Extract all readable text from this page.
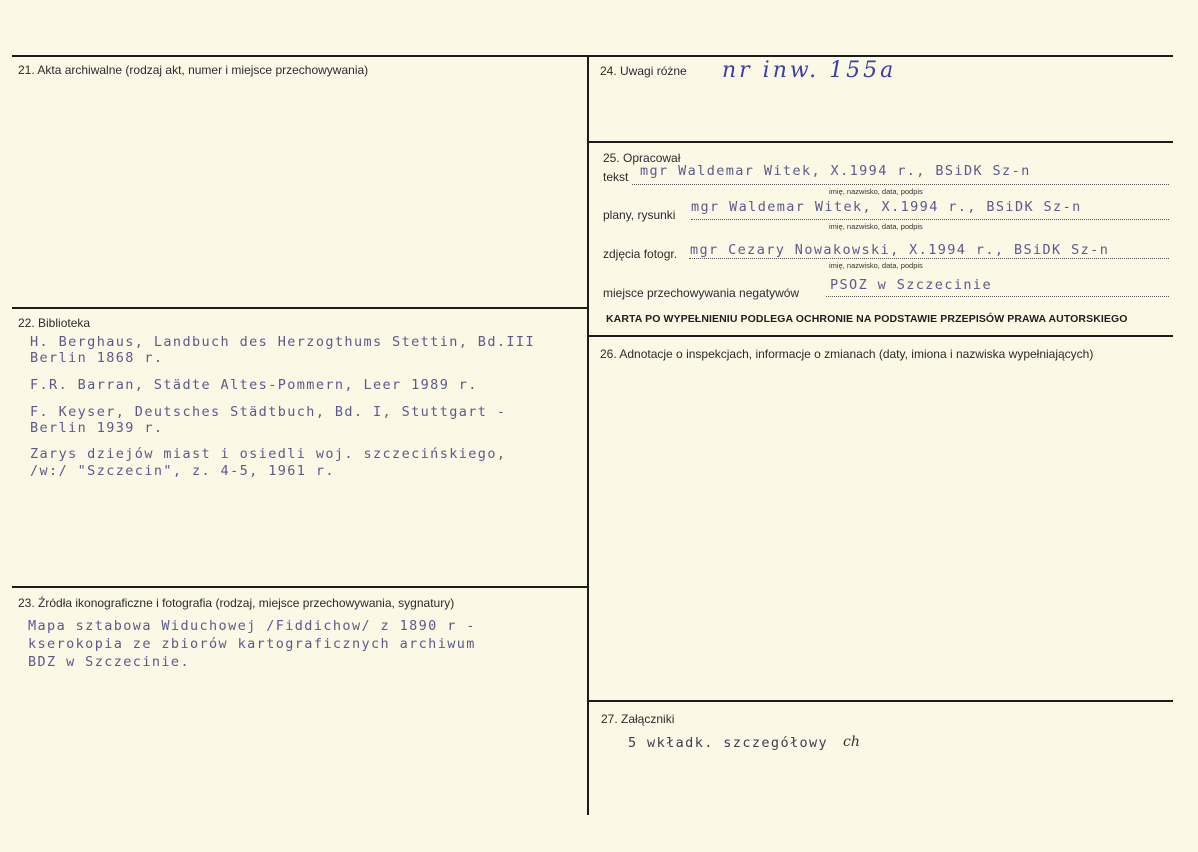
21. Akta archiwalne (rodzaj akt, numer i miejsce przechowywania)
22. Biblioteka
H. Berghaus, Landbuch des Herzogthums Stettin, Bd.III
Berlin 1868 r.
F.R. Barran, Städte Altes-Pommern, Leer 1989 r.
F. Keyser, Deutsches Städtbuch, Bd. I, Stuttgart -
Berlin 1939 r.
Zarys dziejów miast i osiedli woj. szczecińskiego,
/w:/ "Szczecin", z. 4-5, 1961 r.
23. Źródła ikonograficzne i fotografia (rodzaj, miejsce przechowywania, sygnatury)
Mapa sztabowa Widuchowej /Fiddichow/ z 1890 r -
kserokopia ze zbiorów kartograficznych archiwum
BDZ w Szczecinie.
24. Uwagi różne nr inw. 155a
25. Opracował
tekst mgr Waldemar Witek, X.1994 r., BSiDK Sz-n
imię, nazwisko, data, podpis
plany, rysunki mgr Waldemar Witek, X.1994 r., BSiDK Sz-n
imię, nazwisko, data, podpis
zdjęcia fotogr. mgr Cezary Nowakowski, X.1994 r., BSiDK Sz-n
imię, nazwisko, data, podpis
miejsce przechowywania negatywów PSOZ w Szczecinie
KARTA PO WYPEŁNIENIU PODLEGA OCHRONIE NA PODSTAWIE PRZEPISÓW PRAWA AUTORSKIEGO
26. Adnotacje o inspekcjach, informacje o zmianach (daty, imiona i nazwiska wypełniających)
27. Załączniki
5 wkładk. szczegółowy ch
